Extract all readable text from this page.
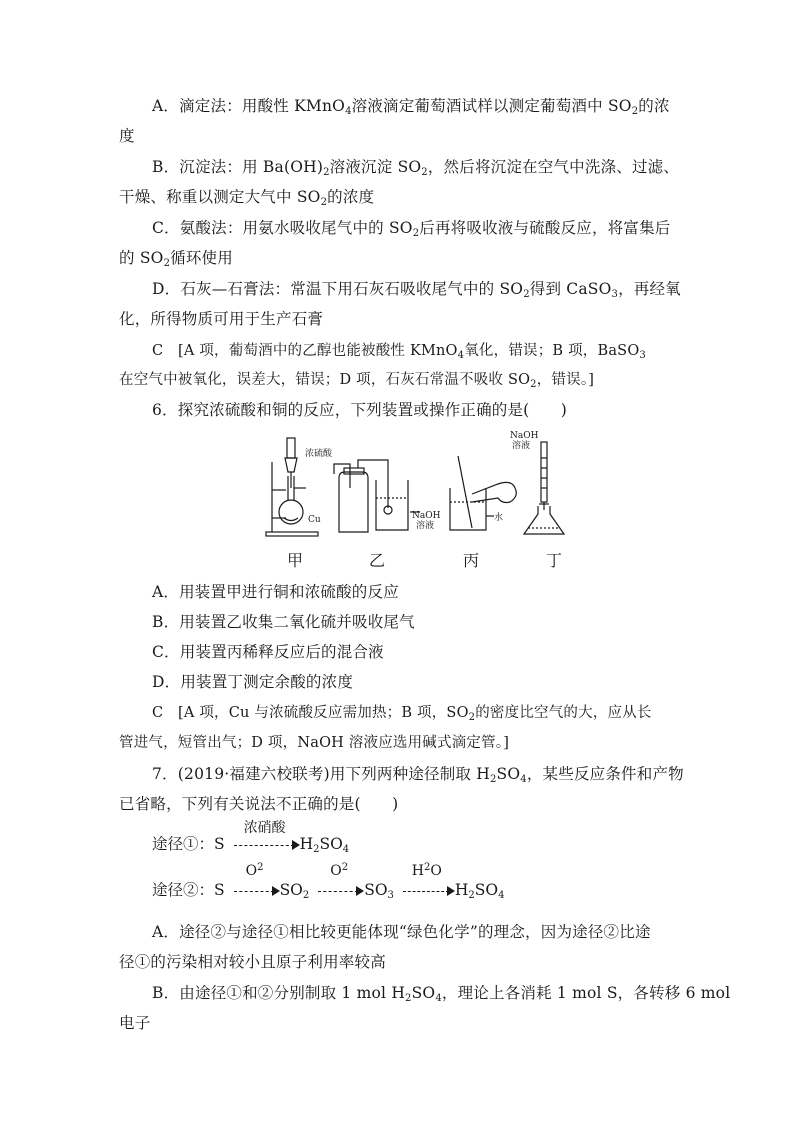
A．滴定法：用酸性 KMnO$_4$溶液滴定葡萄酒试样以测定葡萄酒中 $SO_2$的浓
度
B．沉淀法：用 $Ba(OH)_2$溶液沉淀 $SO_2$，然后将沉淀在空气中洗涤、过滤、
干燥、称重以测定大气中 $SO_2$的浓度
C．氨酸法：用氨水吸收尾气中的 $SO_2$后再将吸收液与硫酸反应，将富集后
的 $SO_2$循环使用
D．石灰—石膏法：常温下用石灰石吸收尾气中的 $SO_2$得到 CaSO$_3$，再经氧
化，所得物质可用于生产石膏
C　[A 项，葡萄酒中的乙醇也能被酸性 KMnO$_4$氧化，错误；B 项，BaSO$_3$
在空气中被氧化，误差大，错误；D 项，石灰石常温不吸收 $SO_2$，错误。]
6．探究浓硫酸和铜的反应，下列装置或操作正确的是(　　)
浓硫酸
Cu	NaOH
溶液
水
NaOH
溶液
甲	乙	丙	丁
A．用装置甲进行铜和浓硫酸的反应
B．用装置乙收集二氧化硫并吸收尾气
C．用装置丙稀释反应后的混合液
D．用装置丁测定余酸的浓度
C　[A 项，Cu 与浓硫酸反应需加热；B 项，$SO_2$的密度比空气的大，应从长
管进气，短管出气；D 项，NaOH 溶液应选用碱式滴定管。]
7．(2019·福建六校联考)用下列两种途径制取 $H_2SO_4$，某些反应条件和产物
已省略，下列有关说法不正确的是(　　)
途径①：S
浓硝酸
$H_2SO_4$
途径②：S
$O^2$
$SO_2$
$O^2$
$SO_3$
$H^2O$
$H_2SO_4$
A．途径②与途径①相比较更能体现“绿色化学”的理念，因为途径②比途
径①的污染相对较小且原子利用率较高
B．由途径①和②分别制取 1 mol $H_2SO_4$，理论上各消耗 1 mol S，各转移 6 mol
电子
